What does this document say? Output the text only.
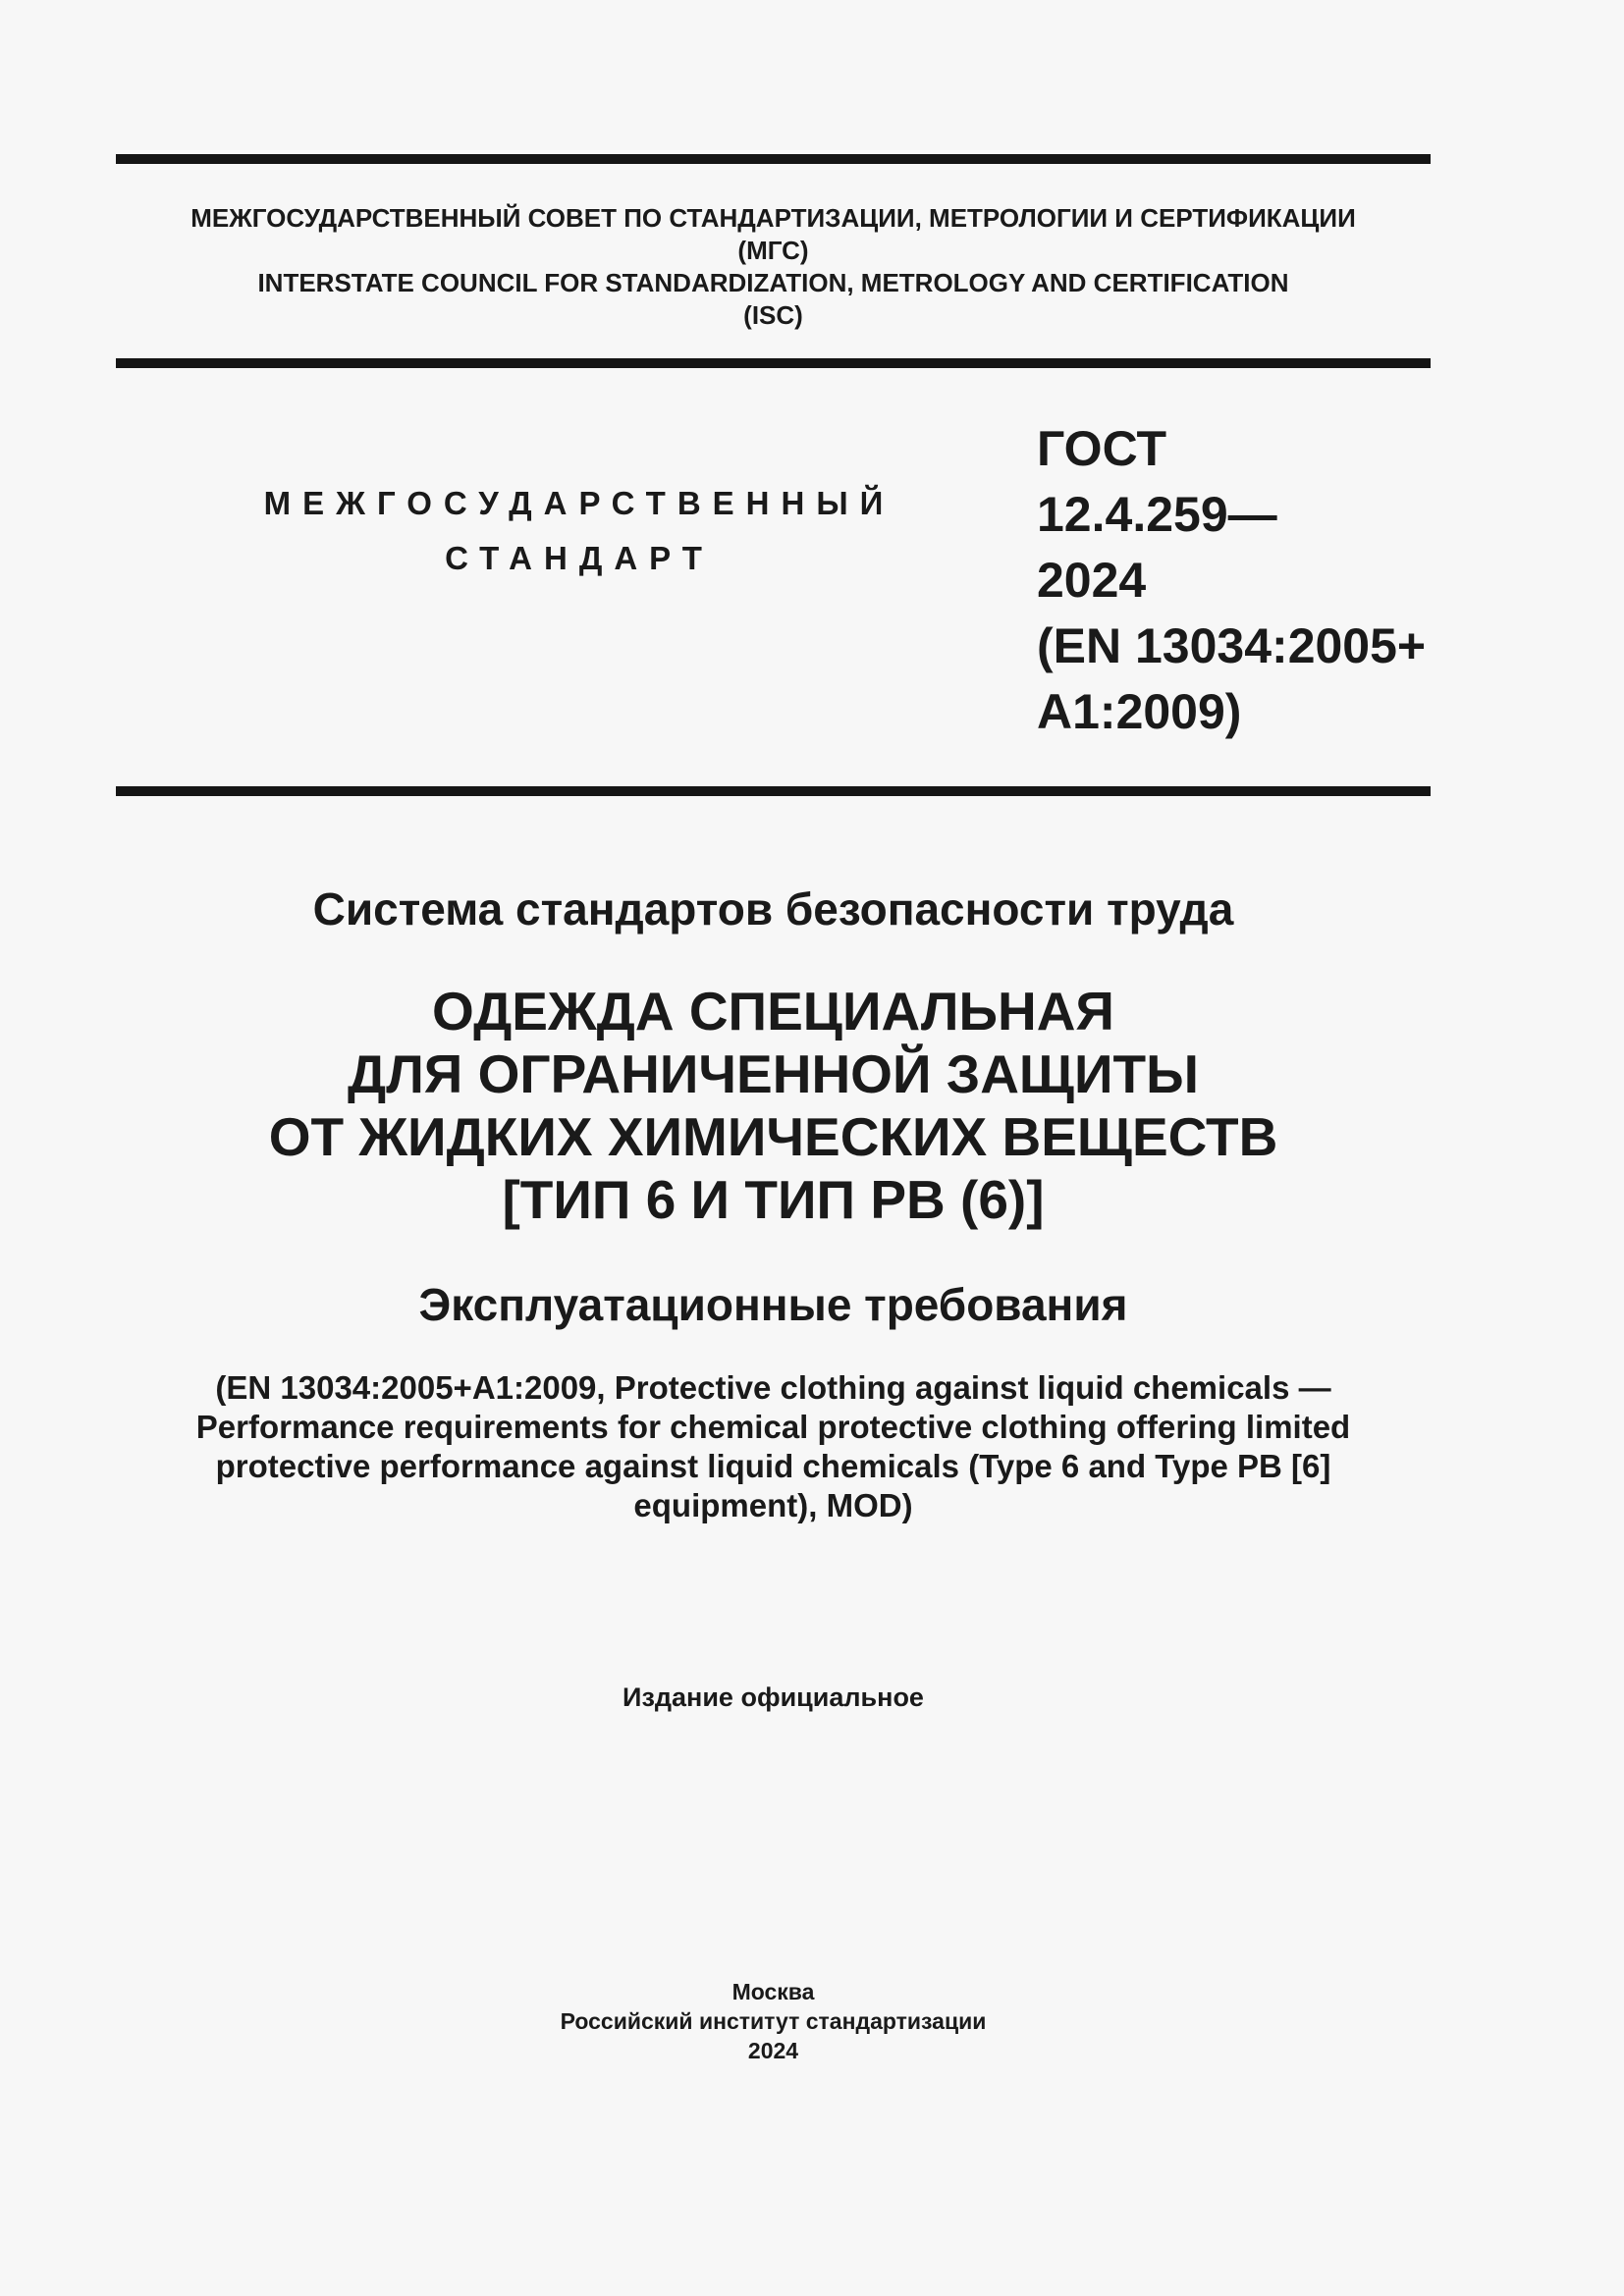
МЕЖГОСУДАРСТВЕННЫЙ СОВЕТ ПО СТАНДАРТИЗАЦИИ, МЕТРОЛОГИИ И СЕРТИФИКАЦИИ
(МГС)
INTERSTATE COUNCIL FOR STANDARDIZATION, METROLOGY AND CERTIFICATION
(ISC)
МЕЖГОСУДАРСТВЕННЫЙ
СТАНДАРТ
ГОСТ
12.4.259—
2024
(EN 13034:2005+
A1:2009)
Система стандартов безопасности труда
ОДЕЖДА СПЕЦИАЛЬНАЯ
ДЛЯ ОГРАНИЧЕННОЙ ЗАЩИТЫ
ОТ ЖИДКИХ ХИМИЧЕСКИХ ВЕЩЕСТВ
[ТИП 6 И ТИП PB (6)]
Эксплуатационные требования
(EN 13034:2005+A1:2009, Protective clothing against liquid chemicals —
Performance requirements for chemical protective clothing offering limited
protective performance against liquid chemicals (Type 6 and Type PB [6]
equipment), MOD)
Издание официальное
Москва
Российский институт стандартизации
2024
